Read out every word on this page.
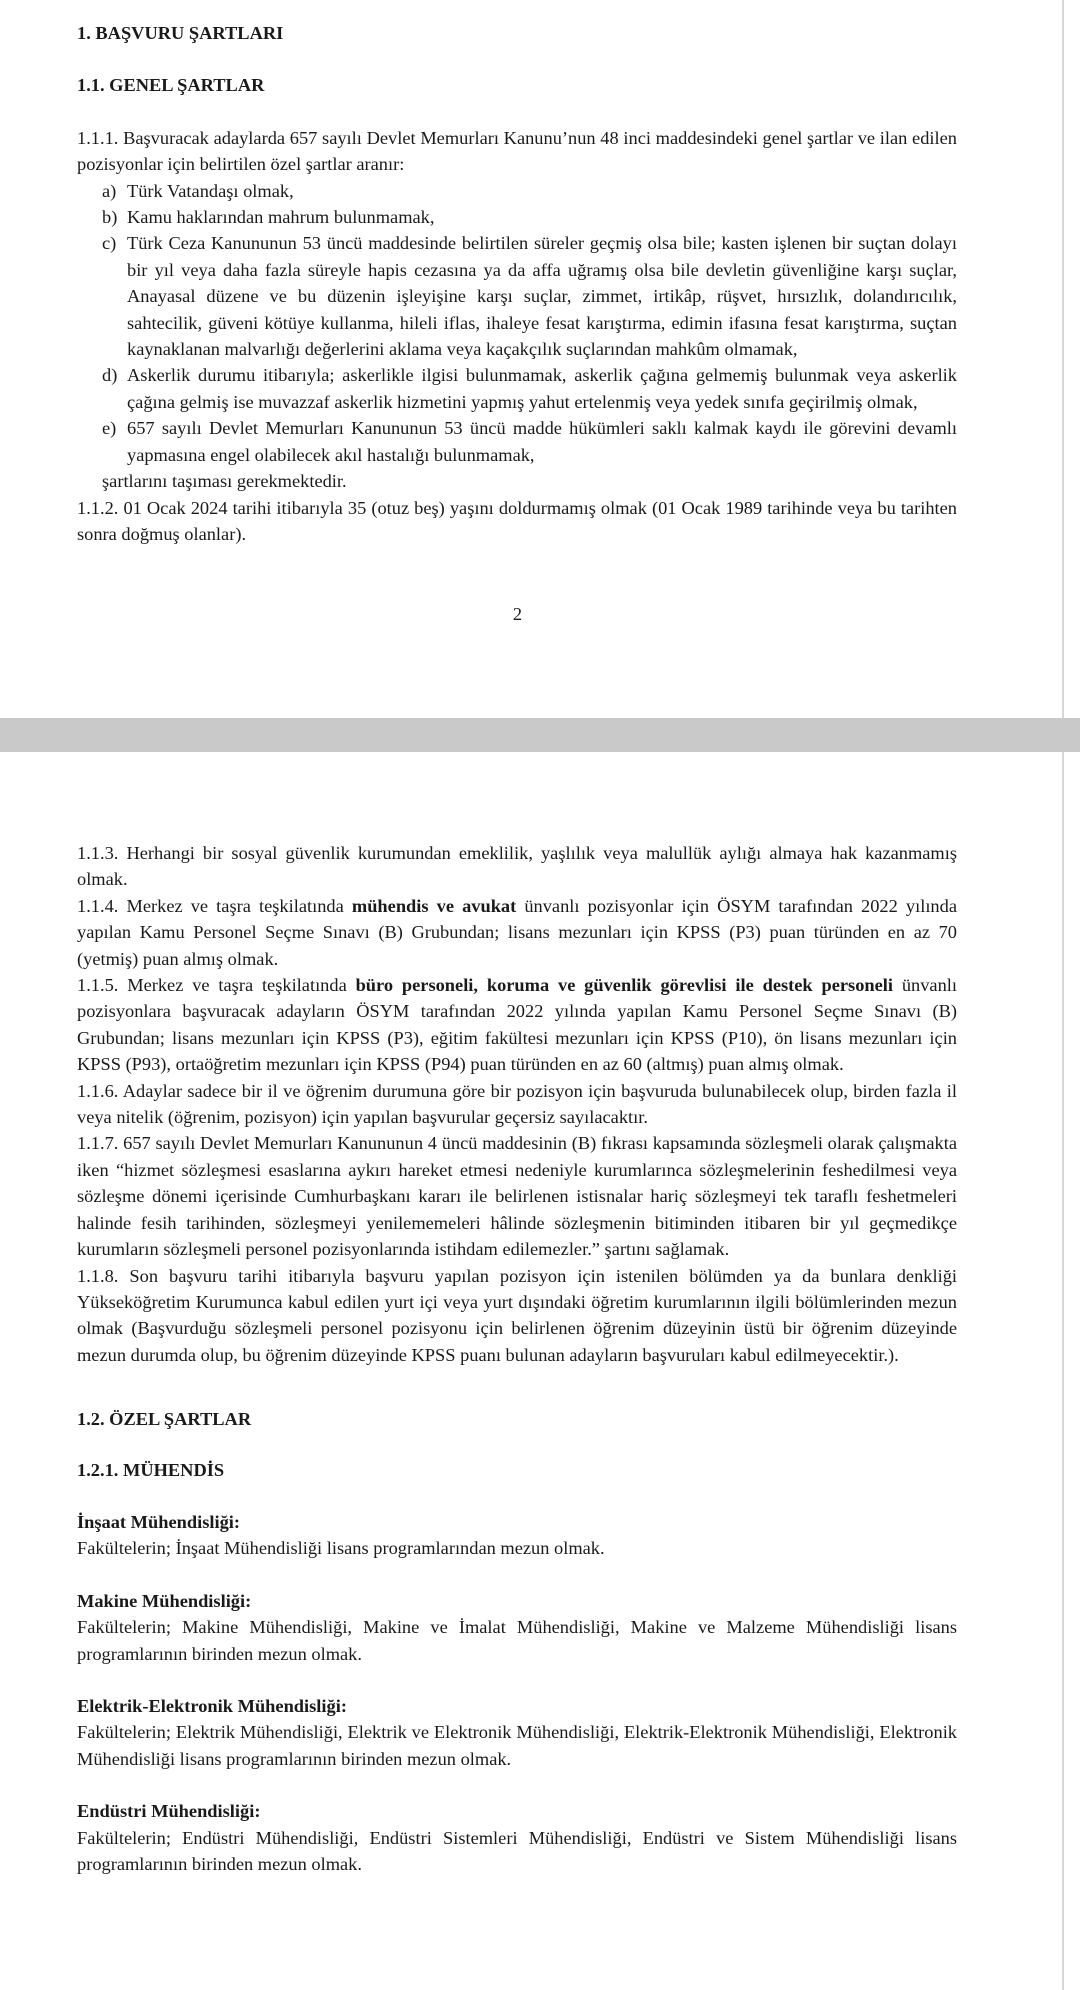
1. BAŞVURU ŞARTLARI

1.1. GENEL ŞARTLAR

1.1.1. Başvuracak adaylarda 657 sayılı Devlet Memurları Kanunu’nun 48 inci maddesindeki genel şartlar ve ilan edilen pozisyonlar için belirtilen özel şartlar aranır:

a) Türk Vatandaşı olmak,
b) Kamu haklarından mahrum bulunmamak,
c) Türk Ceza Kanununun 53 üncü maddesinde belirtilen süreler geçmiş olsa bile; kasten işlenen bir suçtan dolayı bir yıl veya daha fazla süreyle hapis cezasına ya da affa uğramış olsa bile devletin güvenliğine karşı suçlar, Anayasal düzene ve bu düzenin işleyişine karşı suçlar, zimmet, irtikâp, rüşvet, hırsızlık, dolandırıcılık, sahtecilik, güveni kötüye kullanma, hileli iflas, ihaleye fesat karıştırma, edimin ifasına fesat karıştırma, suçtan kaynaklanan malvarlığı değerlerini aklama veya kaçakçılık suçlarından mahkûm olmamak,
d) Askerlik durumu itibarıyla; askerlikle ilgisi bulunmamak, askerlik çağına gelmemiş bulunmak veya askerlik çağına gelmiş ise muvazzaf askerlik hizmetini yapmış yahut ertelenmiş veya yedek sınıfa geçirilmiş olmak,
e) 657 sayılı Devlet Memurları Kanununun 53 üncü madde hükümleri saklı kalmak kaydı ile görevini devamlı yapmasına engel olabilecek akıl hastalığı bulunmamak,

şartlarını taşıması gerekmektedir.

1.1.2. 01 Ocak 2024 tarihi itibarıyla 35 (otuz beş) yaşını doldurmamış olmak (01 Ocak 1989 tarihinde veya bu tarihten sonra doğmuş olanlar).

2

1.1.3. Herhangi bir sosyal güvenlik kurumundan emeklilik, yaşlılık veya malullük aylığı almaya hak kazanmamış olmak.

1.1.4. Merkez ve taşra teşkilatında mühendis ve avukat ünvanlı pozisyonlar için ÖSYM tarafından 2022 yılında yapılan Kamu Personel Seçme Sınavı (B) Grubundan; lisans mezunları için KPSS (P3) puan türünden en az 70 (yetmiş) puan almış olmak.

1.1.5. Merkez ve taşra teşkilatında büro personeli, koruma ve güvenlik görevlisi ile destek personeli ünvanlı pozisyonlara başvuracak adayların ÖSYM tarafından 2022 yılında yapılan Kamu Personel Seçme Sınavı (B) Grubundan; lisans mezunları için KPSS (P3), eğitim fakültesi mezunları için KPSS (P10), ön lisans mezunları için KPSS (P93), ortaöğretim mezunları için KPSS (P94) puan türünden en az 60 (altmış) puan almış olmak.

1.1.6. Adaylar sadece bir il ve öğrenim durumuna göre bir pozisyon için başvuruda bulunabilecek olup, birden fazla il veya nitelik (öğrenim, pozisyon) için yapılan başvurular geçersiz sayılacaktır.

1.1.7. 657 sayılı Devlet Memurları Kanununun 4 üncü maddesinin (B) fıkrası kapsamında sözleşmeli olarak çalışmakta iken “hizmet sözleşmesi esaslarına aykırı hareket etmesi nedeniyle kurumlarınca sözleşmelerinin feshedilmesi veya sözleşme dönemi içerisinde Cumhurbaşkanı kararı ile belirlenen istisnalar hariç sözleşmeyi tek taraflı feshetmeleri halinde fesih tarihinden, sözleşmeyi yenilememeleri hâlinde sözleşmenin bitiminden itibaren bir yıl geçmedikçe kurumların sözleşmeli personel pozisyonlarında istihdam edilemezler.” şartını sağlamak.

1.1.8. Son başvuru tarihi itibarıyla başvuru yapılan pozisyon için istenilen bölümden ya da bunlara denkliği Yükseköğretim Kurumunca kabul edilen yurt içi veya yurt dışındaki öğretim kurumlarının ilgili bölümlerinden mezun olmak (Başvurduğu sözleşmeli personel pozisyonu için belirlenen öğrenim düzeyinin üstü bir öğrenim düzeyinde mezun durumda olup, bu öğrenim düzeyinde KPSS puanı bulunan adayların başvuruları kabul edilmeyecektir.).

1.2. ÖZEL ŞARTLAR

1.2.1. MÜHENDİS

İnşaat Mühendisliği:

Fakültelerin; İnşaat Mühendisliği lisans programlarından mezun olmak.

Makine Mühendisliği:

Fakültelerin; Makine Mühendisliği, Makine ve İmalat Mühendisliği, Makine ve Malzeme Mühendisliği lisans programlarının birinden mezun olmak.

Elektrik-Elektronik Mühendisliği:

Fakültelerin; Elektrik Mühendisliği, Elektrik ve Elektronik Mühendisliği, Elektrik-Elektronik Mühendisliği, Elektronik Mühendisliği lisans programlarının birinden mezun olmak.

Endüstri Mühendisliği:

Fakültelerin; Endüstri Mühendisliği, Endüstri Sistemleri Mühendisliği, Endüstri ve Sistem Mühendisliği lisans programlarının birinden mezun olmak.
